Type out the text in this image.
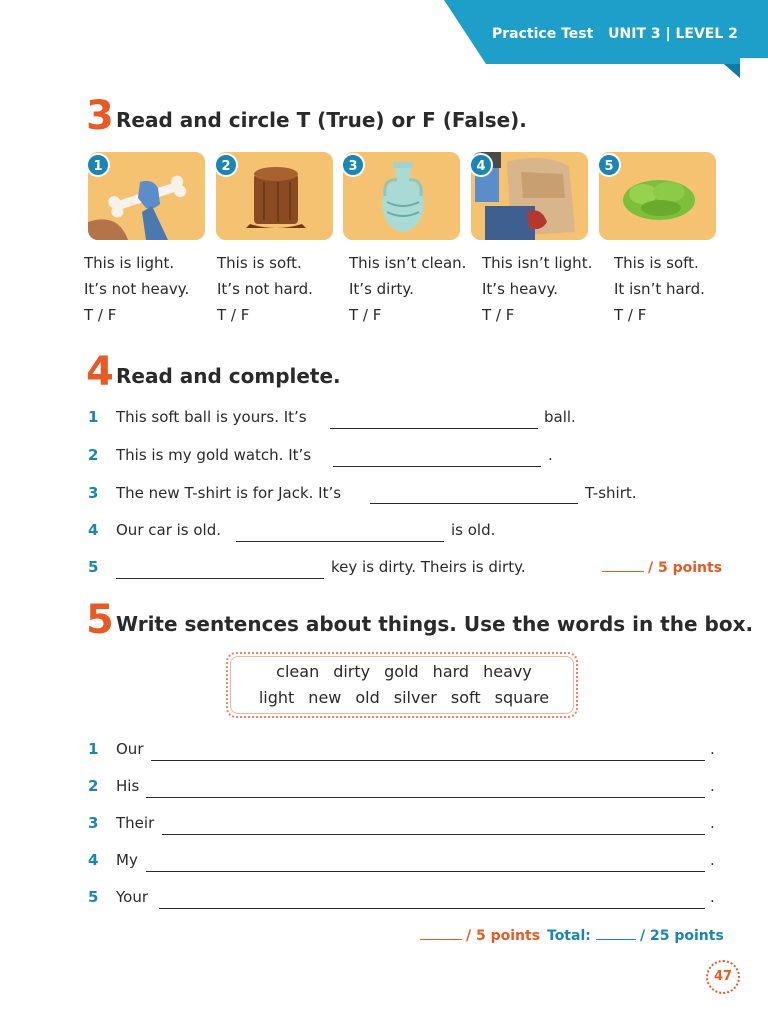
Practice Test UNIT 3 | LEVEL 2
3 Read and circle T (True) or F (False).
1	2	3	4	5
This is light.
It’s not heavy.
T / F
This is soft.
It’s not hard.
T / F
This isn’t clean.
It’s dirty.
T / F
This isn’t light.
It’s heavy.
T / F
This is soft.
It isn’t hard.
T / F
4 Read and complete.
1 This soft ball is yours. It’s	ball.
2 This is my gold watch. It’s	.
3 The new T-shirt is for Jack. It’s	T-shirt.
4 Our car is old.	is old.
5	key is dirty. Theirs is dirty.	/ 5 points
5 Write sentences about things. Use the words in the box.
clean dirty gold hard heavy
light new old silver soft square
1 Our	.
2 His	.
3 Their	.
4 My	.
5 Your	.
/ 5 points Total:	/ 25 points
47
